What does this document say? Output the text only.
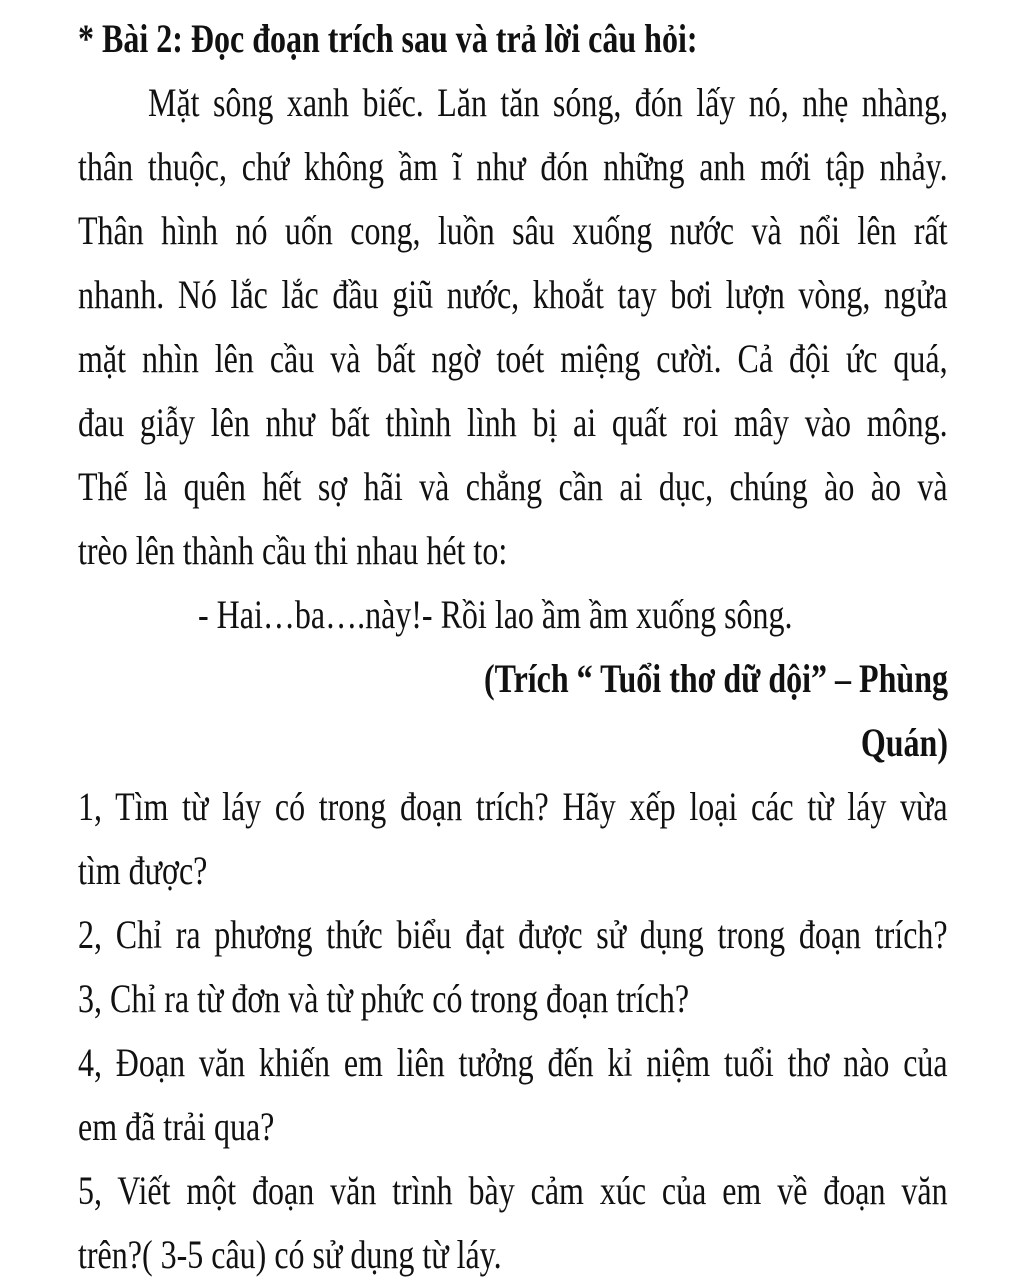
* Bài 2: Đọc đoạn trích sau và trả lời câu hỏi:
Mặt sông xanh biếc. Lăn tăn sóng, đón lấy nó, nhẹ nhàng,
thân thuộc, chứ không ầm ĩ như đón những anh mới tập nhảy.
Thân hình nó uốn cong, luồn sâu xuống nước và nổi lên rất
nhanh. Nó lắc lắc đầu giũ nước, khoắt tay bơi lượn vòng, ngửa
mặt nhìn lên cầu và bất ngờ toét miệng cười. Cả đội ức quá,
đau giẫy lên như bất thình lình bị ai quất roi mây vào mông.
Thế là quên hết sợ hãi và chẳng cần ai dục, chúng ào ào và
trèo lên thành cầu thi nhau hét to:
- Hai…ba….này!- Rồi lao ầm ầm xuống sông.
(Trích “ Tuổi thơ dữ dội” – Phùng
Quán)
1, Tìm từ láy có trong đoạn trích? Hãy xếp loại các từ láy vừa
tìm được?
2, Chỉ ra phương thức biểu đạt được sử dụng trong đoạn trích?
3, Chỉ ra từ đơn và từ phức có trong đoạn trích?
4, Đoạn văn khiến em liên tưởng đến kỉ niệm tuổi thơ nào của
em đã trải qua?
5, Viết một đoạn văn trình bày cảm xúc của em về đoạn văn
trên?( 3-5 câu) có sử dụng từ láy.
